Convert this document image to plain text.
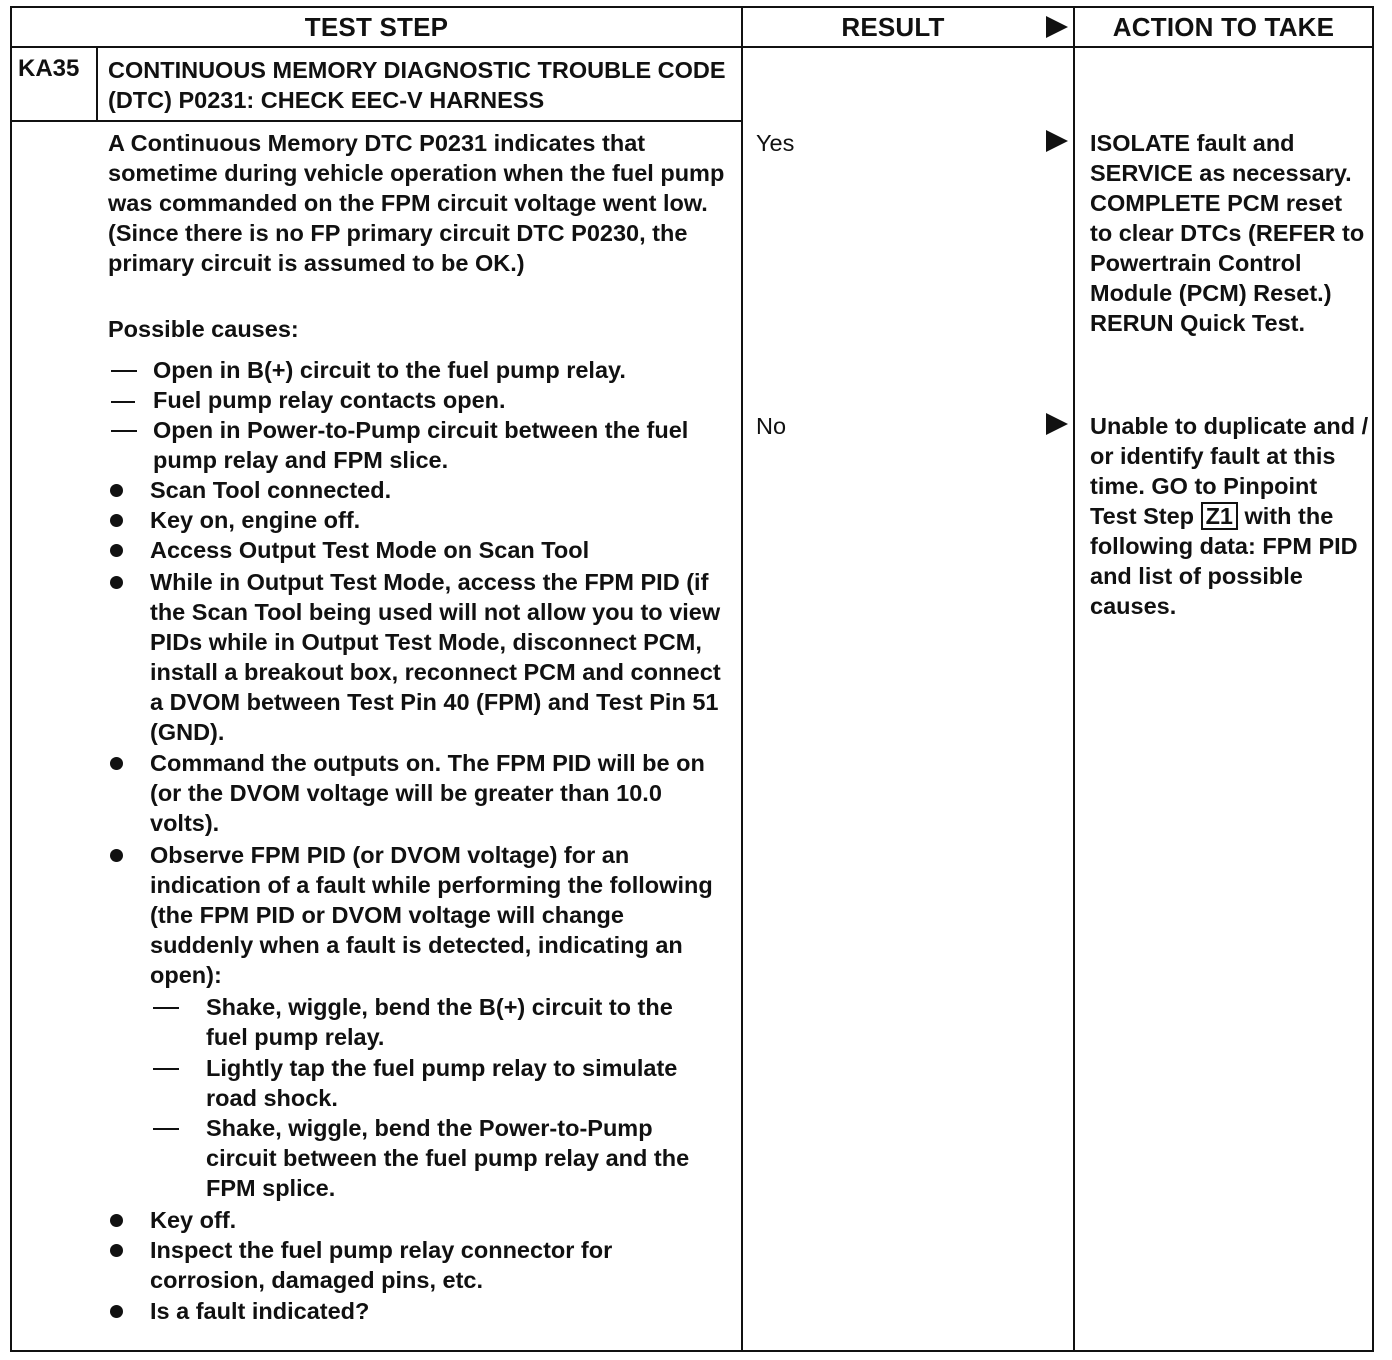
TEST STEP	RESULT	ACTION TO TAKE
KA35 CONTINUOUS MEMORY DIAGNOSTIC TROUBLE CODE (DTC) P0231: CHECK EEC-V HARNESS
A Continuous Memory DTC P0231 indicates that sometime during vehicle operation when the fuel pump was commanded on the FPM circuit voltage went low. (Since there is no FP primary circuit DTC P0230, the primary circuit is assumed to be OK.)
Possible causes:
Open in B(+) circuit to the fuel pump relay.
Fuel pump relay contacts open.
Open in Power-to-Pump circuit between the fuel pump relay and FPM slice.
Scan Tool connected.
Key on, engine off.
Access Output Test Mode on Scan Tool
While in Output Test Mode, access the FPM PID (if the Scan Tool being used will not allow you to view PIDs while in Output Test Mode, disconnect PCM, install a breakout box, reconnect PCM and connect a DVOM between Test Pin 40 (FPM) and Test Pin 51 (GND).
Command the outputs on. The FPM PID will be on (or the DVOM voltage will be greater than 10.0 volts).
Observe FPM PID (or DVOM voltage) for an indication of a fault while performing the following (the FPM PID or DVOM voltage will change suddenly when a fault is detected, indicating an open):
Shake, wiggle, bend the B(+) circuit to the fuel pump relay.
Lightly tap the fuel pump relay to simulate road shock.
Shake, wiggle, bend the Power-to-Pump circuit between the fuel pump relay and the FPM splice.
Key off.
Inspect the fuel pump relay connector for corrosion, damaged pins, etc.
Is a fault indicated?
Yes
No
ISOLATE fault and SERVICE as necessary. COMPLETE PCM reset to clear DTCs (REFER to Powertrain Control Module (PCM) Reset.) RERUN Quick Test.
Unable to duplicate and / or identify fault at this time. GO to Pinpoint Test Step Z1 with the following data: FPM PID and list of possible causes.
